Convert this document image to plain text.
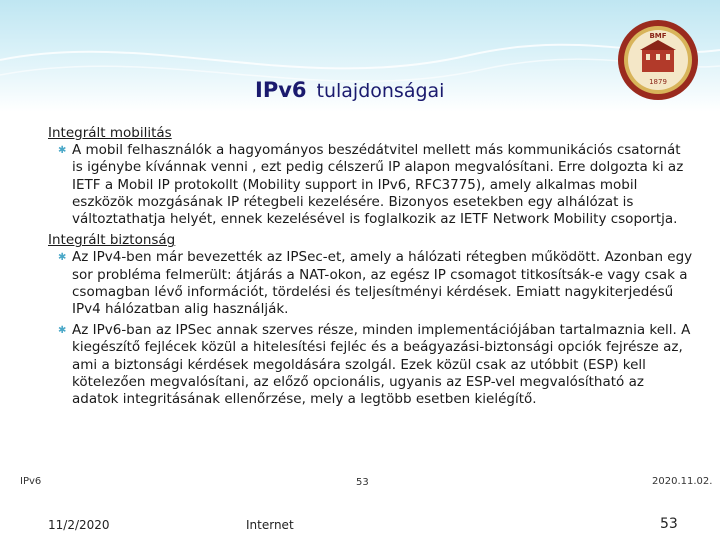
BMF
1879
IPv6 tulajdonságai

Integrált mobilitás

✱ A mobil felhasználók a hagyományos beszédátvitel mellett más kommunikációs csatornát is igénybe kívánnak venni , ezt pedig célszerű IP alapon megvalósítani. Erre dolgozta ki az IETF a Mobil IP protokollt (Mobility support in IPv6, RFC3775), amely alkalmas mobil eszközök mozgásának IP rétegbeli kezelésére. Bizonyos esetekben egy alhálózat is változtathatja helyét, ennek kezelésével is foglalkozik az IETF Network Mobility csoportja.

Integrált biztonság

✱ Az IPv4-ben már bevezették az IPSec-et, amely a hálózati rétegben működött. Azonban egy sor probléma felmerült: átjárás a NAT-okon, az egész IP csomagot titkosítsák-e vagy csak a csomagban lévő információt, tördelési és teljesítményi kérdések. Emiatt nagykiterjedésű IPv4 hálózatban alig használják.
✱ Az IPv6-ban az IPSec annak szerves része, minden implementációjában tartalmaznia kell. A kiegészítő fejlécek közül a hitelesítési fejléc és a beágyazási-biztonsági opciók fejrésze az, ami a biztonsági kérdések megoldására szolgál. Ezek közül csak az utóbbit (ESP) kell kötelezően megvalósítani, az előző opcionális, ugyanis az ESP-vel megvalósítható az adatok integritásának ellenőrzése, mely a legtöbb esetben kielégítő.
IPv6	53	2020.11.02.
11/2/2020	Internet	53
